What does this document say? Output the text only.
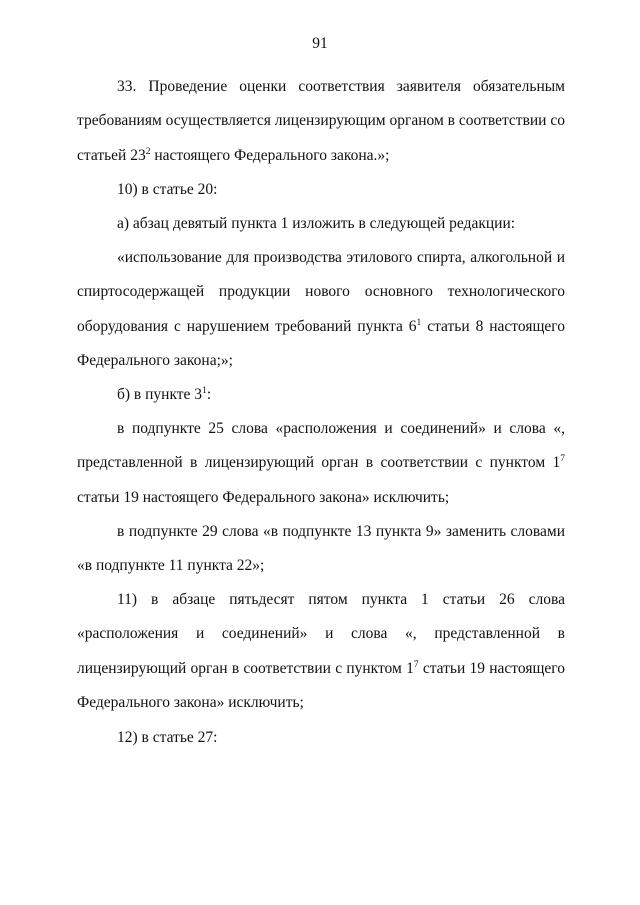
91

33. Проведение оценки соответствия заявителя обязательным требованиям осуществляется лицензирующим органом в соответствии со статьей $23^2$ настоящего Федерального закона.»;

10) в статье 20:

а) абзац девятый пункта 1 изложить в следующей редакции:

«использование для производства этилового спирта, алкогольной и спиртосодержащей продукции нового основного технологического оборудования с нарушением требований пункта $6^1$ статьи 8 настоящего Федерального закона;»;

б) в пункте $3^1$:

в подпункте 25 слова «расположения и соединений» и слова «, представленной в лицензирующий орган в соответствии с пунктом $1^7$ статьи 19 настоящего Федерального закона» исключить;

в подпункте 29 слова «в подпункте 13 пункта 9» заменить словами «в подпункте 11 пункта 22»;

11) в абзаце пятьдесят пятом пункта 1 статьи 26 слова «расположения и соединений» и слова «, представленной в лицензирующий орган в соответствии с пунктом $1^7$ статьи 19 настоящего Федерального закона» исключить;

12) в статье 27:
